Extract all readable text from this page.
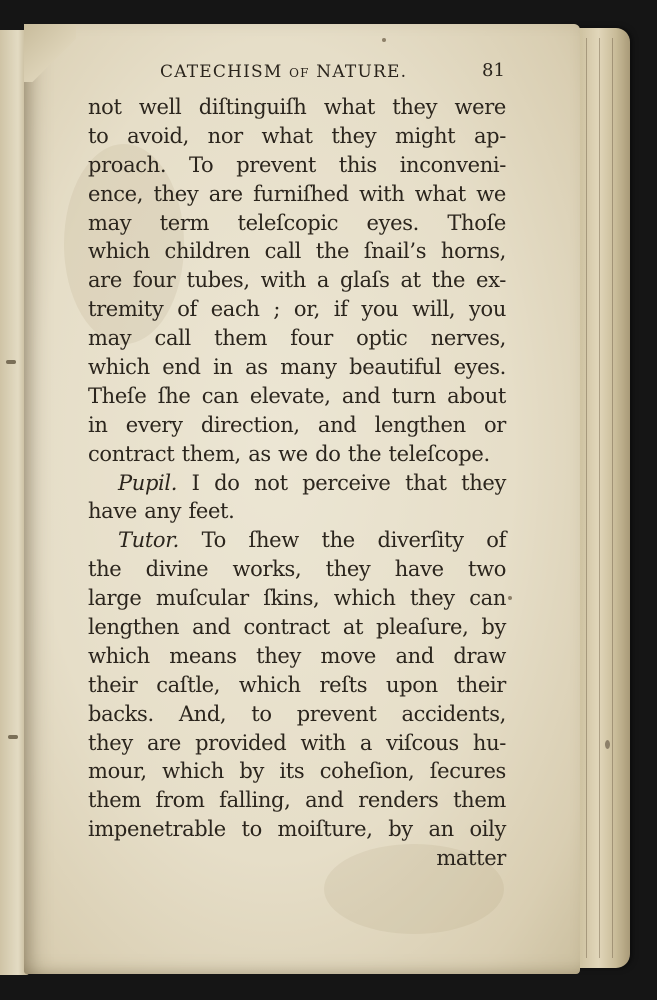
CATECHISM OF NATURE.	81
not well diſtinguiſh what they were
to avoid, nor what they might ap-
proach. To prevent this inconveni-
ence, they are furniſhed with what we
may term teleſcopic eyes. Thoſe
which children call the ſnail’s horns,
are four tubes, with a glaſs at the ex-
tremity of each ; or, if you will, you
may call them four optic nerves,
which end in as many beautiful eyes.
Theſe ſhe can elevate, and turn about
in every direction, and lengthen or
contract them, as we do the teleſcope.
Pupil. I do not perceive that they
have any feet.
Tutor. To ſhew the diverſity of
the divine works, they have two
large muſcular ſkins, which they can
lengthen and contract at pleaſure, by
which means they move and draw
their caſtle, which reſts upon their
backs. And, to prevent accidents,
they are provided with a viſcous hu-
mour, which by its coheſion, ſecures
them from falling, and renders them
impenetrable to moiſture, by an oily
matter
